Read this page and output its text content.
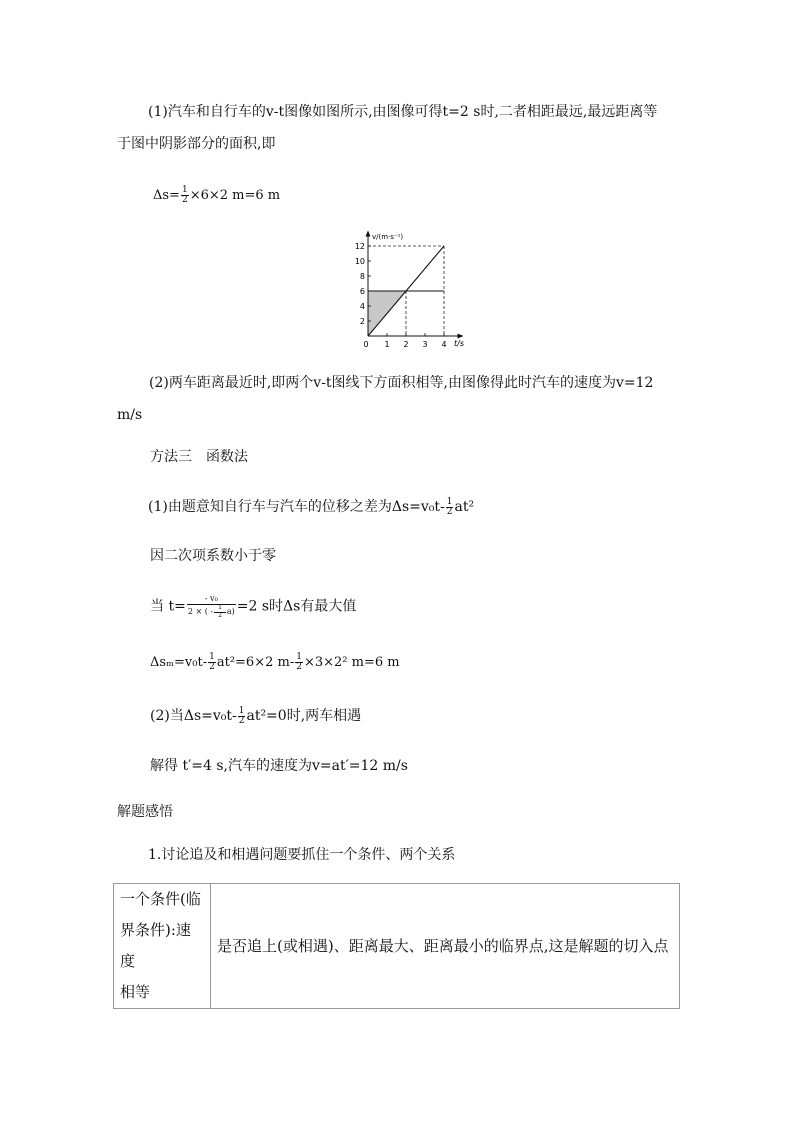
(1)汽车和自行车的v-t图像如图所示,由图像可得t=2 s时,二者相距最远,最远距离等
于图中阴影部分的面积,即
$\Delta s= \frac{1}{2} \times 6\times 2$ m=6 m
12
10
8
6
4
2
0 1 2 3 4
v/(m·s⁻¹)
t/s
(2)两车距离最近时,即两个v-t图线下方面积相等,由图像得此时汽车的速度为v=12
m/s
方法三　函数法
(1)由题意知自行车与汽车的位移之差为$\Delta s=v_0t- \frac{1}{2} at^2$
因二次项系数小于零
当 $t= \frac{\text{- v₀}}{2 \times ( - \frac{1}{2} a)} =2$ s时Δs有最大值
$\Delta s_m=v_0t- \frac{1}{2} at^2=6\times 2$ $m- \frac{1}{2} \times 3\times 2^2$ m=6 m
(2)当$\Delta s=v_0t- \frac{1}{2} at^2=0$时,两车相遇
解得 t′=4 s,汽车的速度为v=at′=12 m/s
解题感悟
1.讨论追及和相遇问题要抓住一个条件、两个关系
一个条件(临
界条件):速度
相等
	是否追上(或相遇)、距离最大、距离最小的临界点,这是解题的切入点
